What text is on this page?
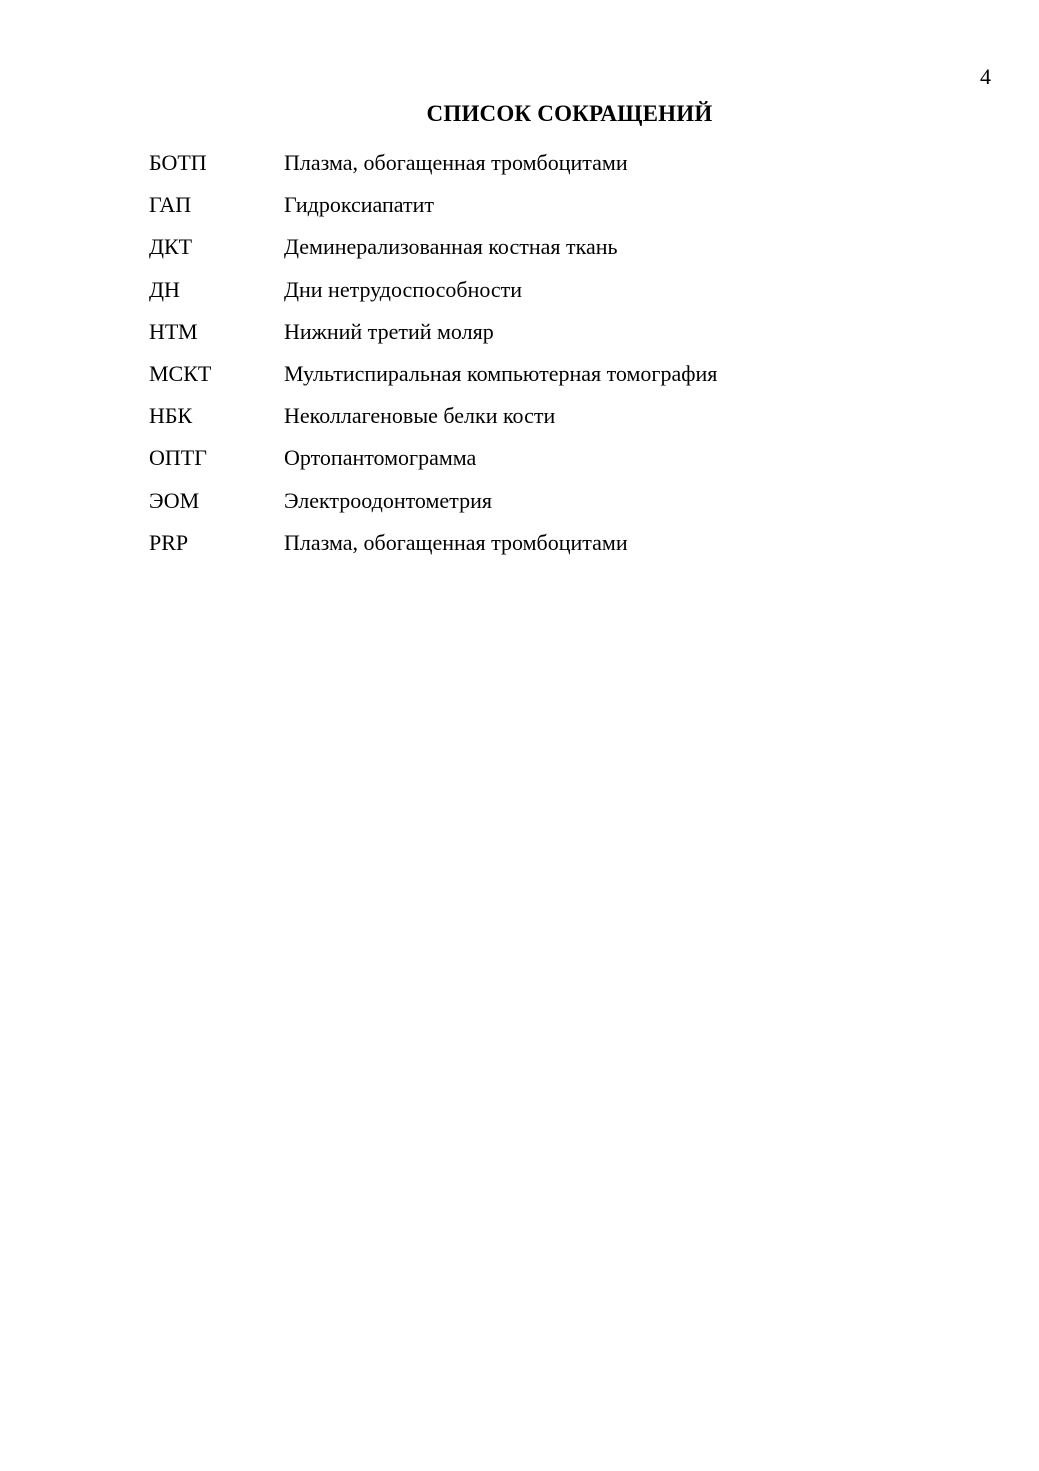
4
СПИСОК СОКРАЩЕНИЙ
БОТП	Плазма, обогащенная тромбоцитами
ГАП	Гидроксиапатит
ДКТ	Деминерализованная костная ткань
ДН	Дни нетрудоспособности
НТМ	Нижний третий моляр
МСКТ	Мультиспиральная компьютерная томография
НБК	Неколлагеновые белки кости
ОПТГ	Ортопантомограмма
ЭОМ	Электроодонтометрия
PRP	Плазма, обогащенная тромбоцитами
